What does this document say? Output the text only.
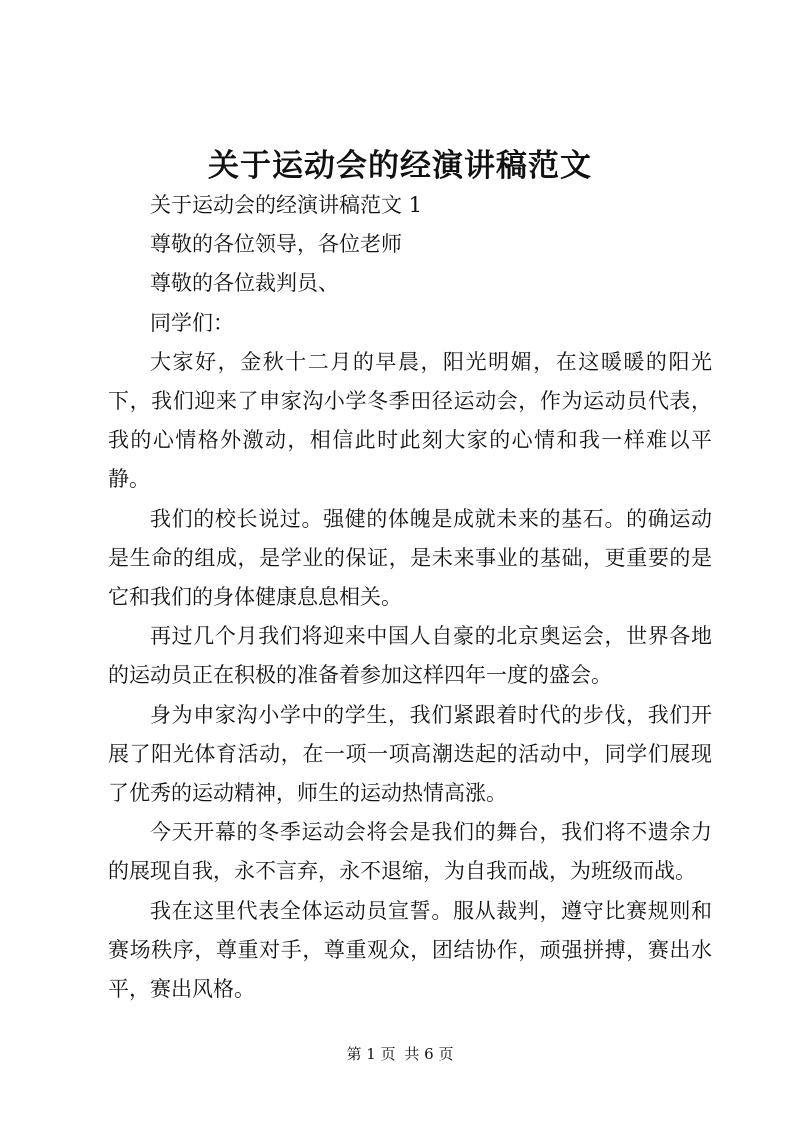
关于运动会的经演讲稿范文

关于运动会的经演讲稿范文 1

尊敬的各位领导，各位老师

尊敬的各位裁判员、

同学们：

大家好，金秋十二月的早晨，阳光明媚，在这暖暖的阳光下，我们迎来了申家沟小学冬季田径运动会，作为运动员代表，我的心情格外激动，相信此时此刻大家的心情和我一样难以平静。

我们的校长说过。强健的体魄是成就未来的基石。的确运动是生命的组成，是学业的保证，是未来事业的基础，更重要的是它和我们的身体健康息息相关。

再过几个月我们将迎来中国人自豪的北京奥运会，世界各地的运动员正在积极的准备着参加这样四年一度的盛会。

身为申家沟小学中的学生，我们紧跟着时代的步伐，我们开展了阳光体育活动，在一项一项高潮迭起的活动中，同学们展现了优秀的运动精神，师生的运动热情高涨。

今天开幕的冬季运动会将会是我们的舞台，我们将不遗余力的展现自我，永不言弃，永不退缩，为自我而战，为班级而战。

我在这里代表全体运动员宣誓。服从裁判，遵守比赛规则和赛场秩序，尊重对手，尊重观众，团结协作，顽强拼搏，赛出水平，赛出风格。

第 1 页 共 6 页
